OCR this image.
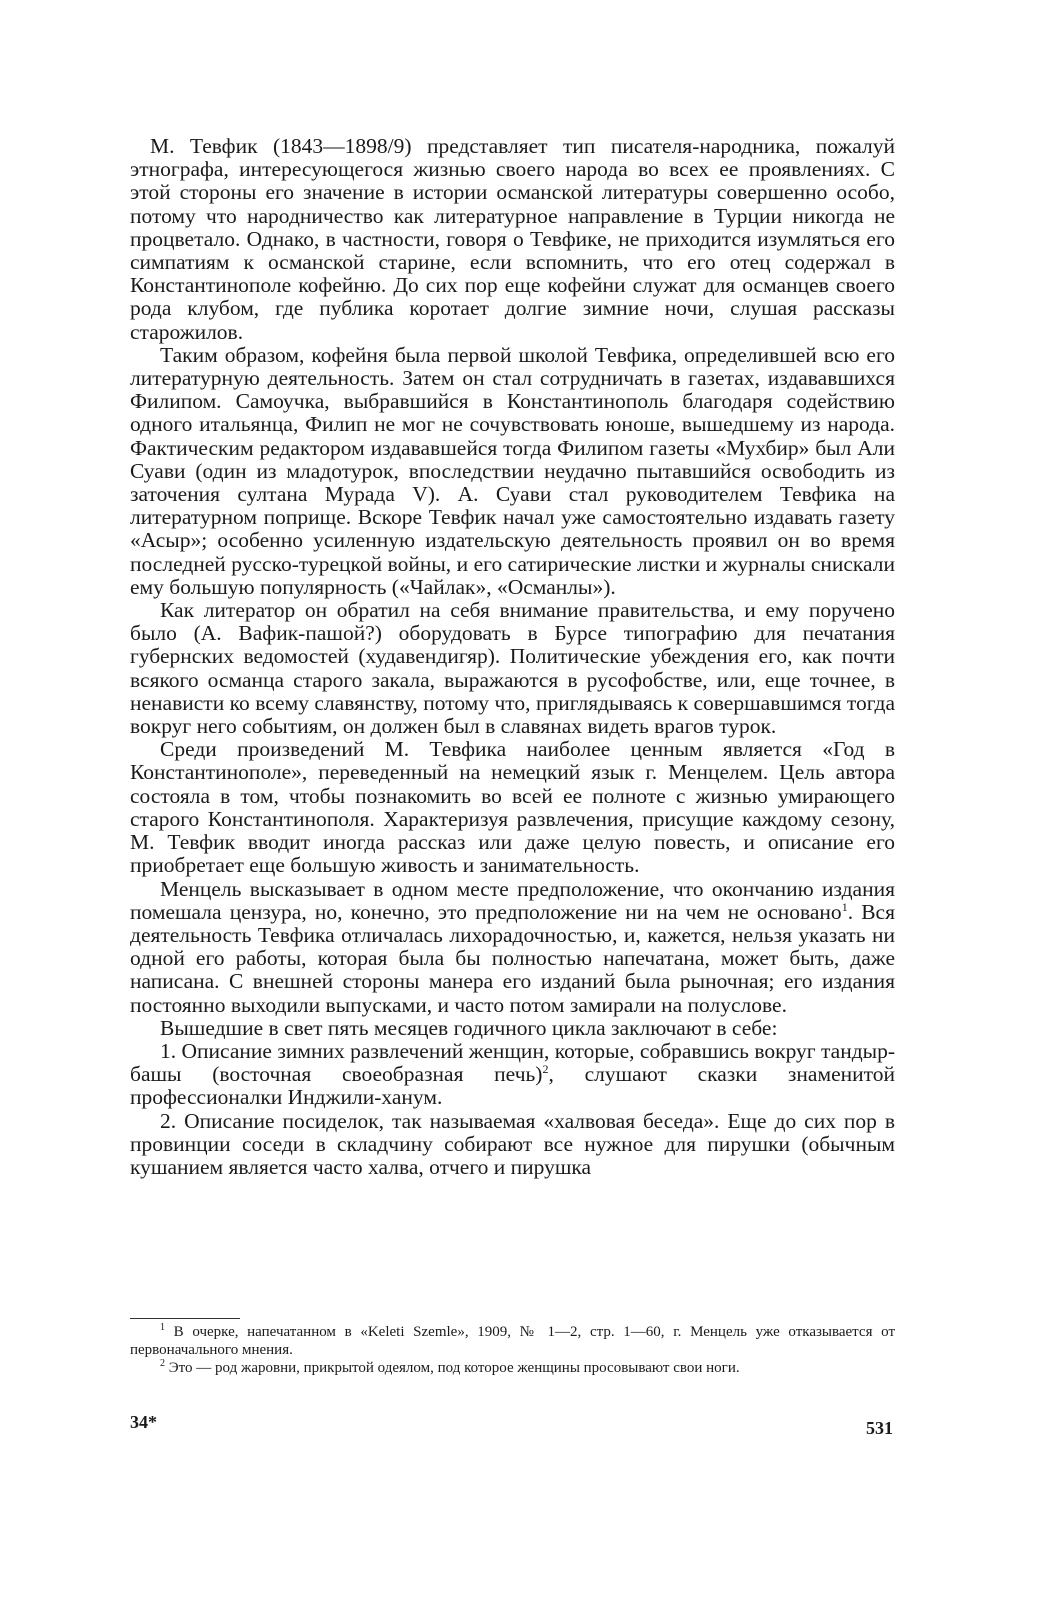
М. Тевфик (1843—1898/9) представляет тип писателя-народника, пожалуй этнографа, интересующегося жизнью своего народа во всех ее проявлениях. С этой стороны его значение в истории османской литературы совершенно особо, потому что народничество как литературное направление в Турции никогда не процветало. Однако, в частности, говоря о Тевфике, не приходится изумляться его симпатиям к османской старине, если вспомнить, что его отец содержал в Константинополе кофейню. До сих пор еще кофейни служат для османцев своего рода клубом, где публика коротает долгие зимние ночи, слушая рассказы старожилов.

Таким образом, кофейня была первой школой Тевфика, определившей всю его литературную деятельность. Затем он стал сотрудничать в газетах, издававшихся Филипом. Самоучка, выбравшийся в Константинополь благодаря содействию одного итальянца, Филип не мог не сочувствовать юноше, вышедшему из народа. Фактическим редактором издававшейся тогда Филипом газеты «Мухбир» был Али Суави (один из младотурок, впоследствии неудачно пытавшийся освободить из заточения султана Мурада V). А. Суави стал руководителем Тевфика на литературном поприще. Вскоре Тевфик начал уже самостоятельно издавать газету «Асыр»; особенно усиленную издательскую деятельность проявил он во время последней русско-турецкой войны, и его сатирические листки и журналы снискали ему большую популярность («Чайлак», «Османлы»).

Как литератор он обратил на себя внимание правительства, и ему поручено было (А. Вафик-пашой?) оборудовать в Бурсе типографию для печатания губернских ведомостей (худавендигяр). Политические убеждения его, как почти всякого османца старого закала, выражаются в русофобстве, или, еще точнее, в ненависти ко всему славянству, потому что, приглядываясь к совершавшимся тогда вокруг него событиям, он должен был в славянах видеть врагов турок.

Среди произведений М. Тевфика наиболее ценным является «Год в Константинополе», переведенный на немецкий язык г. Менцелем. Цель автора состояла в том, чтобы познакомить во всей ее полноте с жизнью умирающего старого Константинополя. Характеризуя развлечения, присущие каждому сезону, М. Тевфик вводит иногда рассказ или даже целую повесть, и описание его приобретает еще большую живость и занимательность.

Менцель высказывает в одном месте предположение, что окончанию издания помешала цензура, но, конечно, это предположение ни на чем не основано$^1$. Вся деятельность Тевфика отличалась лихорадочностью, и, кажется, нельзя указать ни одной его работы, которая была бы полностью напечатана, может быть, даже написана. С внешней стороны манера его изданий была рыночная; его издания постоянно выходили выпусками, и часто потом замирали на полуслове.

Вышедшие в свет пять месяцев годичного цикла заключают в себе:

1. Описание зимних развлечений женщин, которые, собравшись вокруг тандыр-башы (восточная своеобразная печь)$^2$, слушают сказки знаменитой профессионалки Инджили-ханум.

2. Описание посиделок, так называемая «халвовая беседа». Еще до сих пор в провинции соседи в складчину собирают все нужное для пирушки (обычным кушанием является часто халва, отчего и пирушка

$^1$ В очерке, напечатанном в «Keleti Szemle», 1909, № 1—2, стр. 1—60, г. Менцель уже отказывается от первоначального мнения.

$^2$ Это — род жаровни, прикрытой одеялом, под которое женщины просовывают свои ноги.

34*	531
